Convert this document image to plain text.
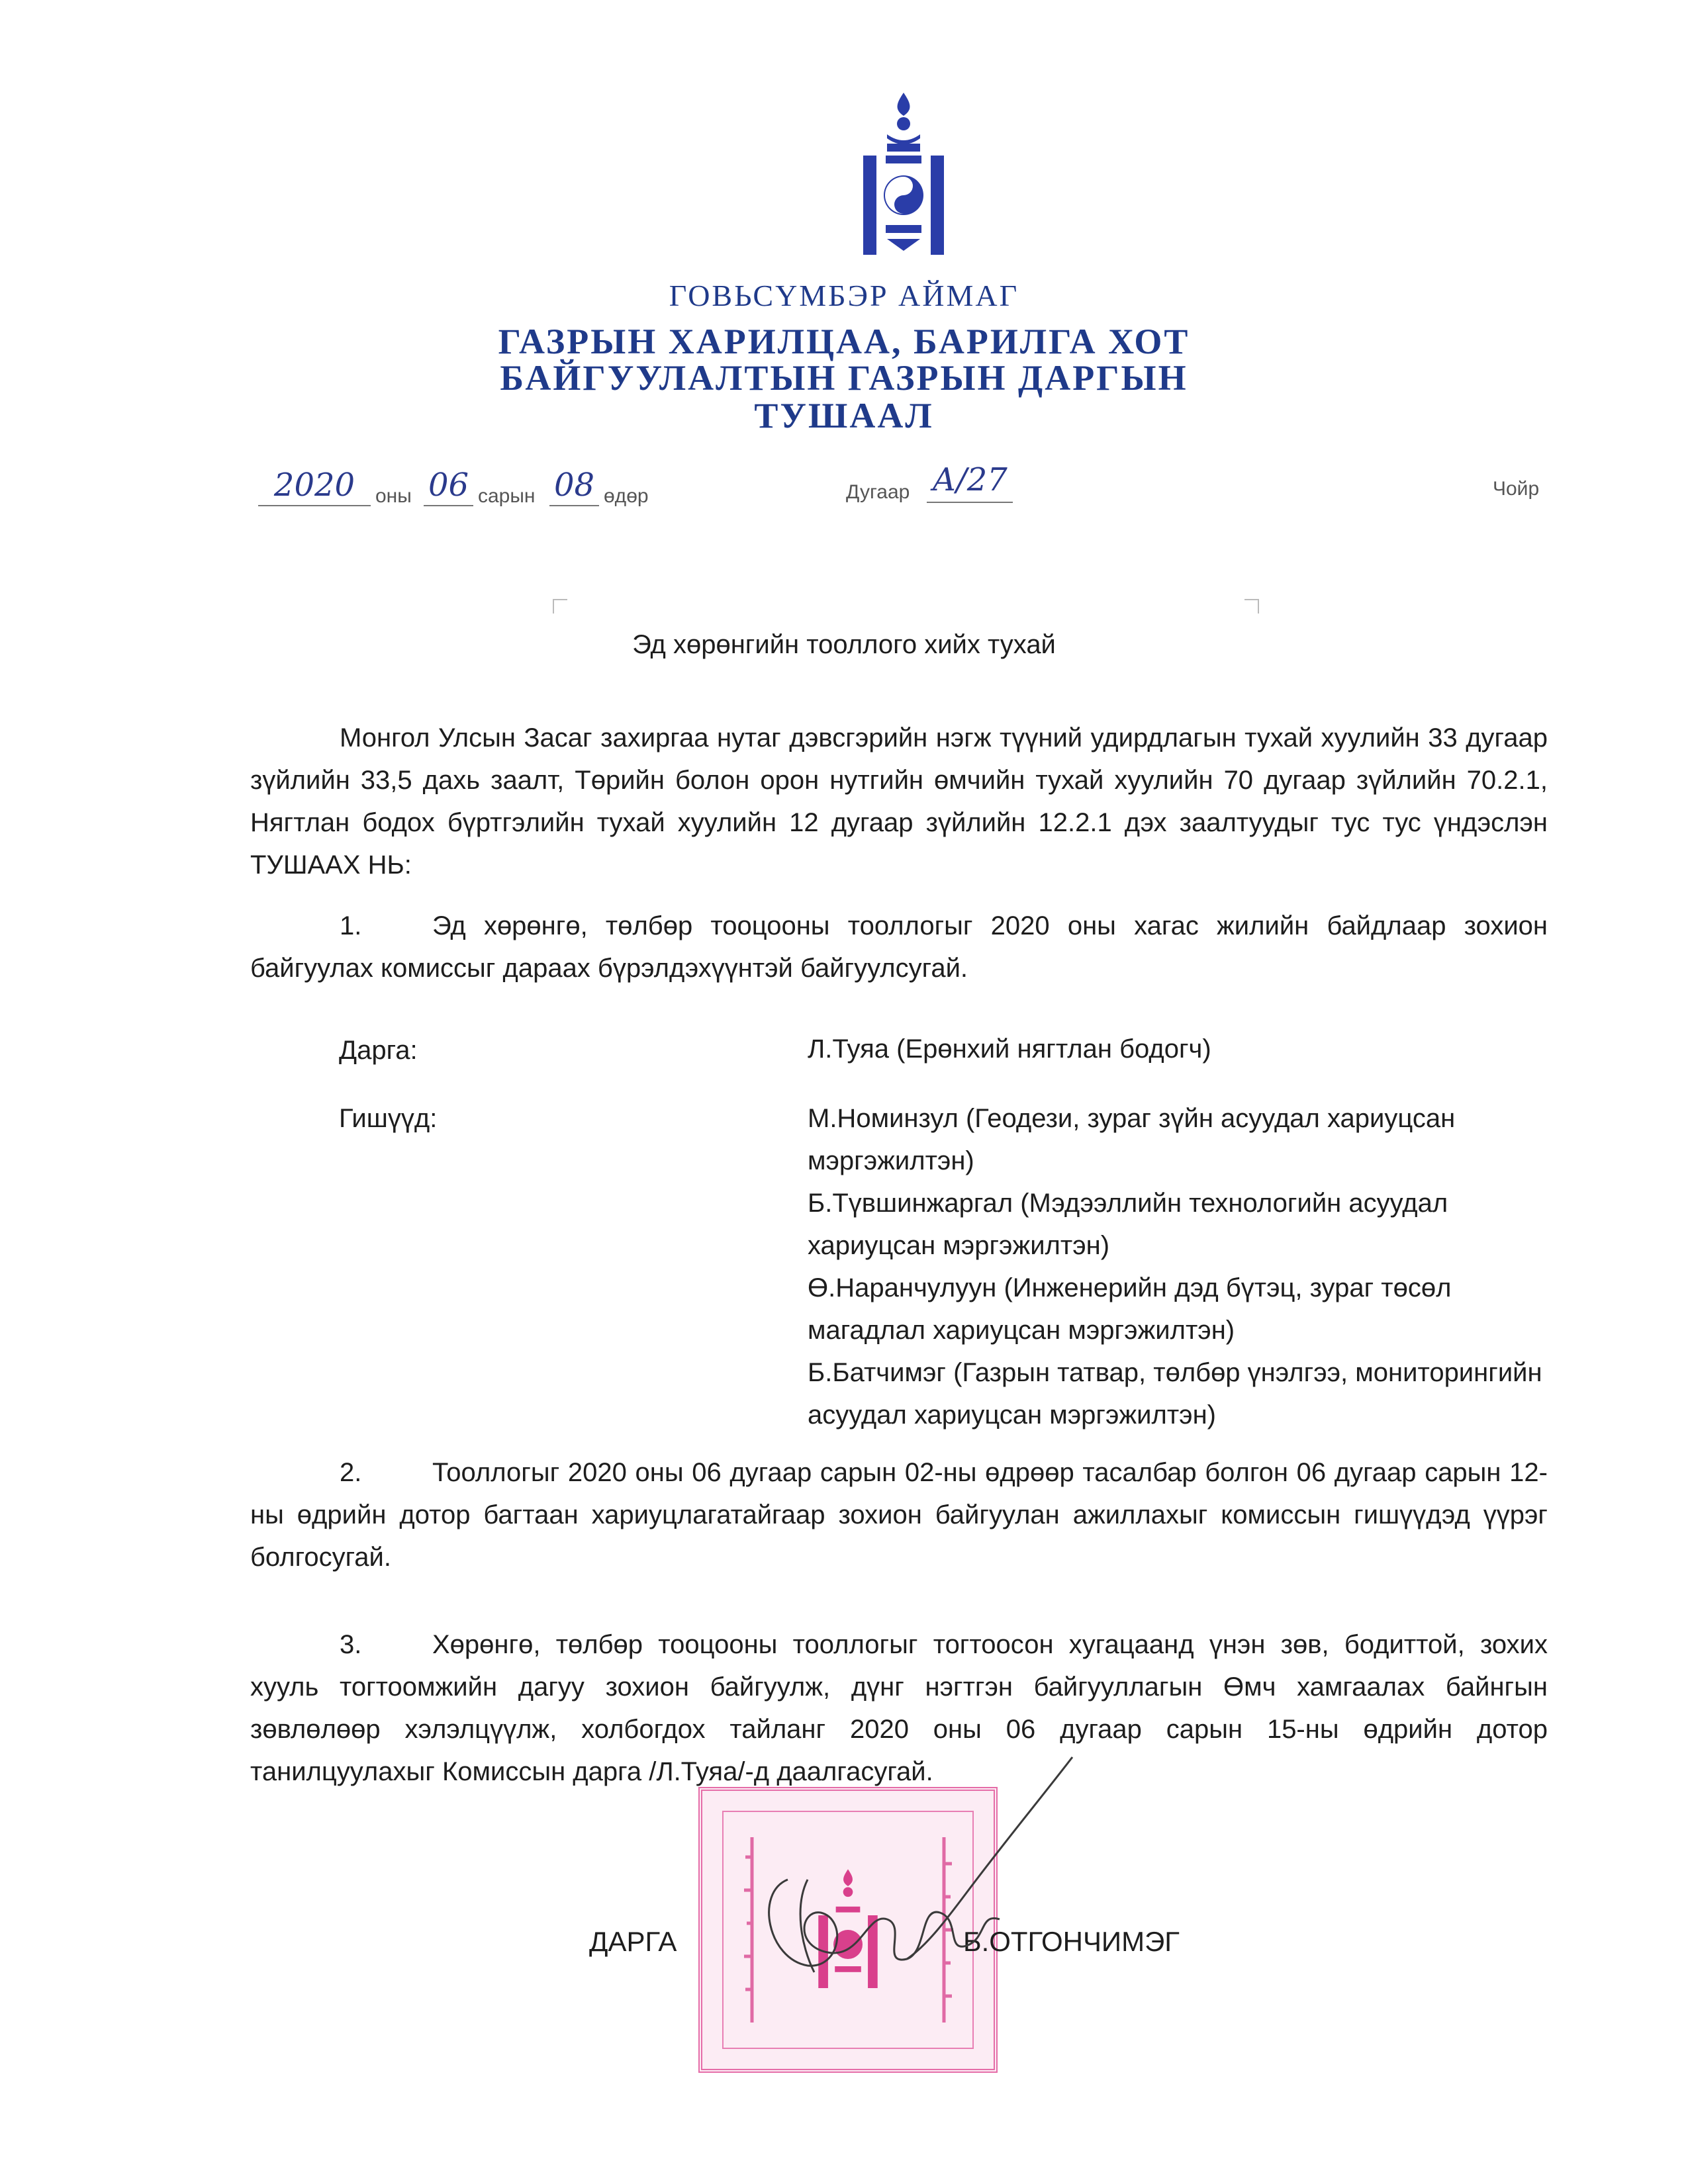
ГОВЬСҮМБЭР АЙМАГ
ГАЗРЫН ХАРИЛЦАА, БАРИЛГА ХОТ
БАЙГУУЛАЛТЫН ГАЗРЫН ДАРГЫН
ТУШААЛ
2020	оны 06 сарын 08 өдөр	Дугаар А/27	Чойр
Эд хөрөнгийн тооллого хийх тухай
Монгол Улсын Засаг захиргаа нутаг дэвсгэрийн нэгж түүний удирдлагын тухай хуулийн 33 дугаар зүйлийн 33,5 дахь заалт, Төрийн болон орон нутгийн өмчийн тухай хуулийн 70 дугаар зүйлийн 70.2.1, Нягтлан бодох бүртгэлийн тухай хуулийн 12 дугаар зүйлийн 12.2.1 дэх заалтуудыг тус тус үндэслэн ТУШААХ НЬ:
1.	Эд хөрөнгө, төлбөр тооцооны тооллогыг 2020 оны хагас жилийн байдлаар зохион байгуулах комиссыг дараах бүрэлдэхүүнтэй байгуулсугай.
Дарга:	Л.Туяа (Ерөнхий нягтлан бодогч)
Гишүүд:	М.Номинзул (Геодези, зураг зүйн асуудал хариуцсан мэргэжилтэн)
Б.Түвшинжаргал (Мэдээллийн технологийн асуудал хариуцсан мэргэжилтэн)
Ө.Наранчулуун (Инженерийн дэд бүтэц, зураг төсөл магадлал хариуцсан мэргэжилтэн)
Б.Батчимэг (Газрын татвар, төлбөр үнэлгээ, мониторингийн асуудал хариуцсан мэргэжилтэн)
2.	Тооллогыг 2020 оны 06 дугаар сарын 02-ны өдрөөр тасалбар болгон 06 дугаар сарын 12-ны өдрийн дотор багтаан хариуцлагатайгаар зохион байгуулан ажиллахыг комиссын гишүүдэд үүрэг болгосугай.
3.	Хөрөнгө, төлбөр тооцооны тооллогыг тогтоосон хугацаанд үнэн зөв, бодиттой, зохих хууль тогтоомжийн дагуу зохион байгуулж, дүнг нэгтгэн байгууллагын Өмч хамгаалах байнгын зөвлөлөөр хэлэлцүүлж, холбогдох тайланг 2020 оны 06 дугаар сарын 15-ны өдрийн дотор танилцуулахыг Комиссын дарга /Л.Туяа/-д даалгасугай.
ДАРГА	Б.ОТГОНЧИМЭГ
